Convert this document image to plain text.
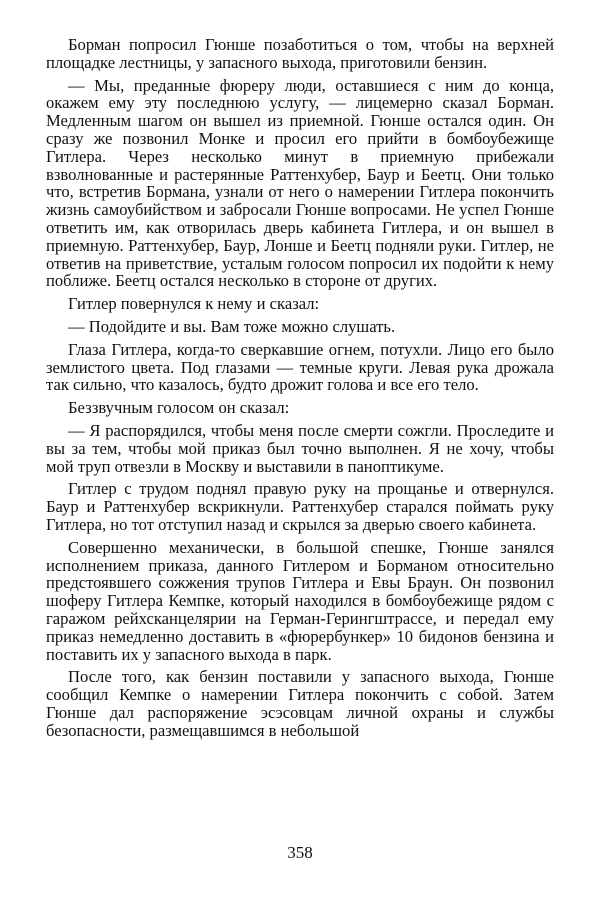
Борман попросил Гюнше позаботиться о том, чтобы на верхней площадке лестницы, у запасного выхода, приготовили бензин.

— Мы, преданные фюреру люди, оставшиеся с ним до конца, окажем ему эту последнюю услугу, — лицемерно сказал Борман. Медленным шагом он вышел из приемной. Гюнше остался один. Он сразу же позвонил Монке и просил его прийти в бомбоубежище Гитлера. Через несколько минут в приемную прибежали взволнованные и растерянные Раттенхубер, Баур и Беетц. Они только что, встретив Бормана, узнали от него о намерении Гитлера покончить жизнь самоубийством и забросали Гюнше вопросами. Не успел Гюнше ответить им, как отворилась дверь кабинета Гитлера, и он вышел в приемную. Раттенхубер, Баур, Лонше и Беетц подняли руки. Гитлер, не ответив на приветствие, усталым голосом попросил их подойти к нему поближе. Беетц остался несколько в стороне от других.

Гитлер повернулся к нему и сказал:

— Подойдите и вы. Вам тоже можно слушать.

Глаза Гитлера, когда-то сверкавшие огнем, потухли. Лицо его было землистого цвета. Под глазами — темные круги. Левая рука дрожала так сильно, что казалось, будто дрожит голова и все его тело.

Беззвучным голосом он сказал:

— Я распорядился, чтобы меня после смерти сожгли. Проследите и вы за тем, чтобы мой приказ был точно выполнен. Я не хочу, чтобы мой труп отвезли в Москву и выставили в паноптикуме.

Гитлер с трудом поднял правую руку на прощанье и отвернулся. Баур и Раттенхубер вскрикнули. Раттенхубер старался поймать руку Гитлера, но тот отступил назад и скрылся за дверью своего кабинета.

Совершенно механически, в большой спешке, Гюнше занялся исполнением приказа, данного Гитлером и Борманом относительно предстоявшего сожжения трупов Гитлера и Евы Браун. Он позвонил шоферу Гитлера Кемпке, который находился в бомбоубежище рядом с гаражом рейхсканцелярии на Герман-Герингштрассе, и передал ему приказ немедленно доставить в «фюрербункер» 10 бидонов бензина и поставить их у запасного выхода в парк.

После того, как бензин поставили у запасного выхода, Гюнше сообщил Кемпке о намерении Гитлера покончить с собой. Затем Гюнше дал распоряжение эсэсовцам личной охраны и службы безопасности, размещавшимся в небольшой

358
